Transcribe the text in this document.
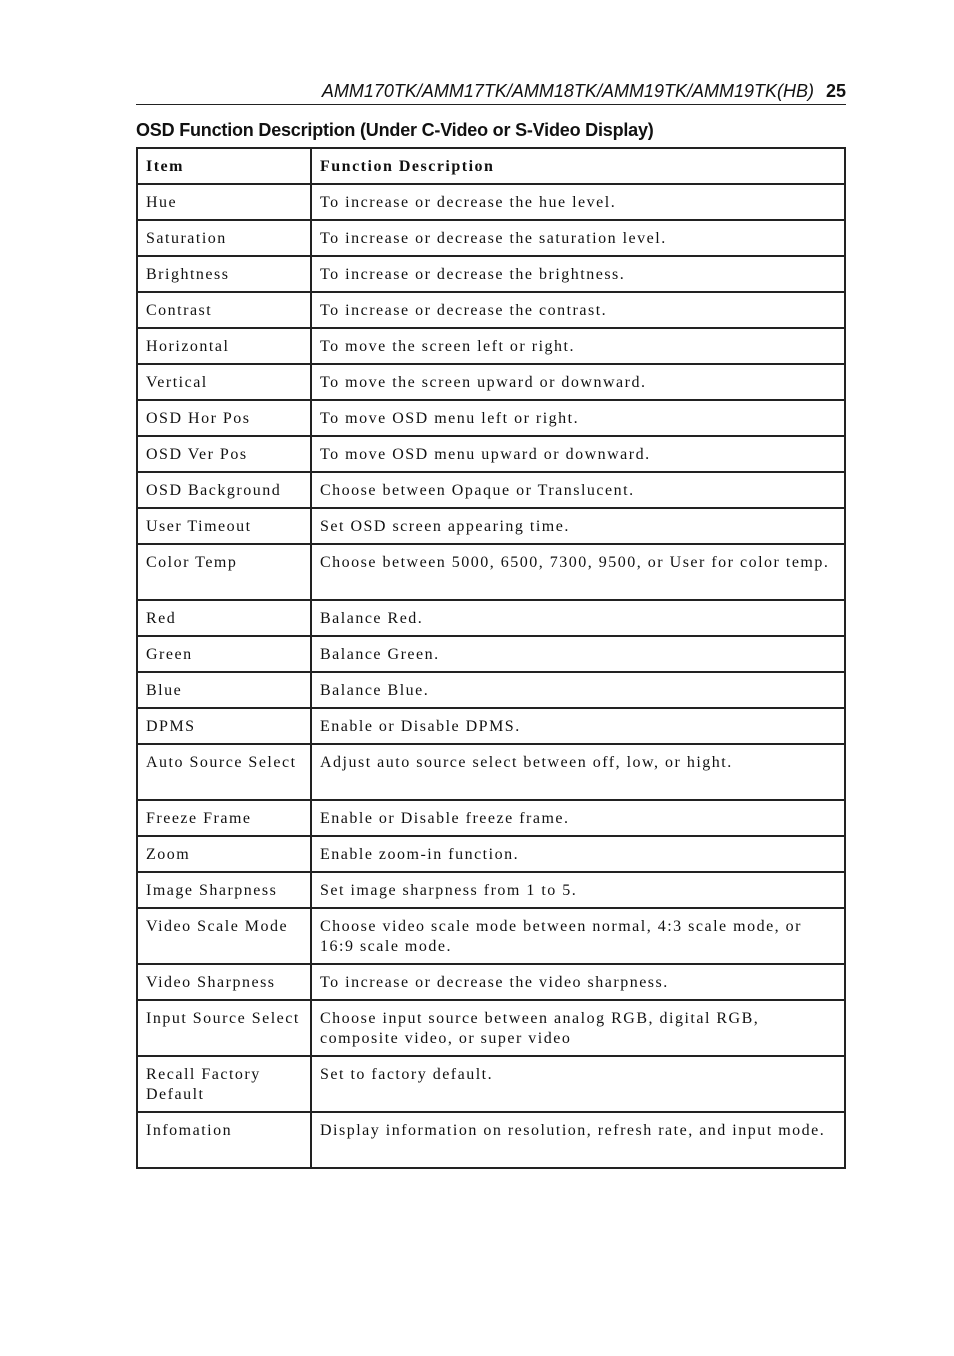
AMM170TK/AMM17TK/AMM18TK/AMM19TK/AMM19TK(HB) 25
OSD Function Description (Under C-Video or S-Video Display)
Item	Function Description
Hue	To increase or decrease the hue level.
Saturation	To increase or decrease the saturation level.
Brightness	To increase or decrease the brightness.
Contrast	To increase or decrease the contrast.
Horizontal	To move the screen left or right.
Vertical	To move the screen upward or downward.
OSD Hor Pos	To move OSD menu left or right.
OSD Ver Pos	To move OSD menu upward or downward.
OSD Background	Choose between Opaque or Translucent.
User Timeout	Set OSD screen appearing time.
Color Temp	Choose between 5000, 6500, 7300, 9500, or User for color temp.
Red	Balance Red.
Green	Balance Green.
Blue	Balance Blue.
DPMS	Enable or Disable DPMS.
Auto Source Select	Adjust auto source select between off, low, or hight.
Freeze Frame	Enable or Disable freeze frame.
Zoom	Enable zoom-in function.
Image Sharpness	Set image sharpness from 1 to 5.
Video Scale Mode	Choose video scale mode between normal, 4:3 scale mode, or 16:9 scale mode.
Video Sharpness	To increase or decrease the video sharpness.
Input Source Select	Choose input source between analog RGB, digital RGB, composite video, or super video
Recall Factory Default	Set to factory default.
Infomation	Display information on resolution, refresh rate, and input mode.
